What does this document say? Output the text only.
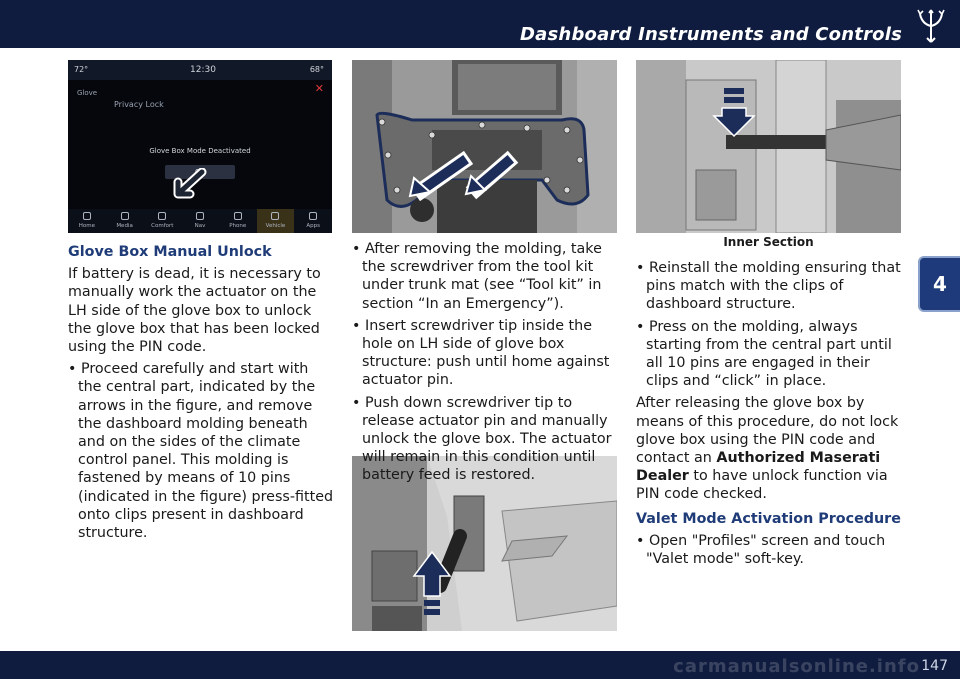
Dashboard Instruments and Controls
4
72°	12:30	68°
Glove
Privacy Lock
✕
Glove Box Mode Deactivated
OK
Home	Media	Comfort	Nav	Phone	Vehicle	Apps
Inner Section

Glove Box Manual Unlock

If battery is dead, it is necessary to manually work the actuator on the LH side of the glove box to unlock the glove box that has been locked using the PIN code.

• Proceed carefully and start with the central part, indicated by the arrows in the figure, and remove the dashboard molding beneath and on the sides of the climate control panel. This molding is fastened by means of 10 pins (indicated in the figure) press-fitted onto clips present in dashboard structure.

• After removing the molding, take the screwdriver from the tool kit under trunk mat (see “Tool kit” in section “In an Emergency”).

• Insert screwdriver tip inside the hole on LH side of glove box structure: push until home against actuator pin.

• Push down screwdriver tip to release actuator pin and manually unlock the glove box. The actuator will remain in this condition until battery feed is restored.

• Reinstall the molding ensuring that pins match with the clips of dashboard structure.

• Press on the molding, always starting from the central part until all 10 pins are engaged in their clips and “click” in place.

After releasing the glove box by means of this procedure, do not lock glove box using the PIN code and contact an Authorized Maserati Dealer to have unlock function via PIN code checked.

Valet Mode Activation Procedure

• Open "Profiles" screen and touch "Valet mode" soft-key.

carmanualsonline.info 147
